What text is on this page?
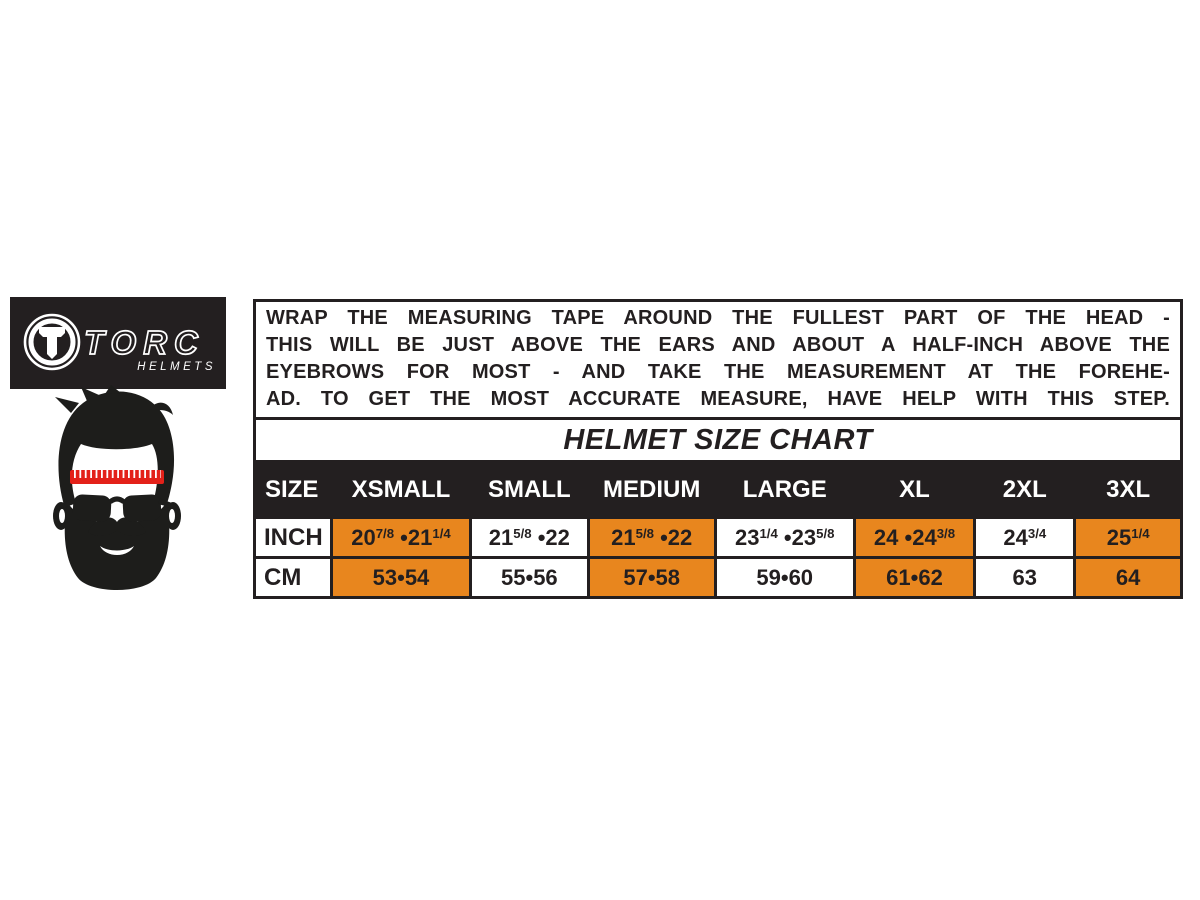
TORC
HELMETS
WRAP THE MEASURING TAPE AROUND THE FULLEST PART OF THE HEAD -
THIS WILL BE JUST ABOVE THE EARS AND ABOUT A HALF-INCH ABOVE THE
EYEBROWS FOR MOST - AND TAKE THE MEASUREMENT AT THE FOREHE-
AD. TO GET THE MOST ACCURATE MEASURE, HAVE HELP WITH THIS STEP.
HELMET SIZE CHART
SIZE	XSMALL	SMALL	MEDIUM	LARGE	XL	2XL	3XL
INCH	$20^{7/8}$ $•21^{1/4}$	$21^{5/8}$ •22	$21^{5/8}$ •22	$23^{1/4}$ $•23^{5/8}$	24 $•24^{3/8}$	$24^{3/4}$	$25^{1/4}$
CM	53•54	55•56	57•58	59•60	61•62	63	64
